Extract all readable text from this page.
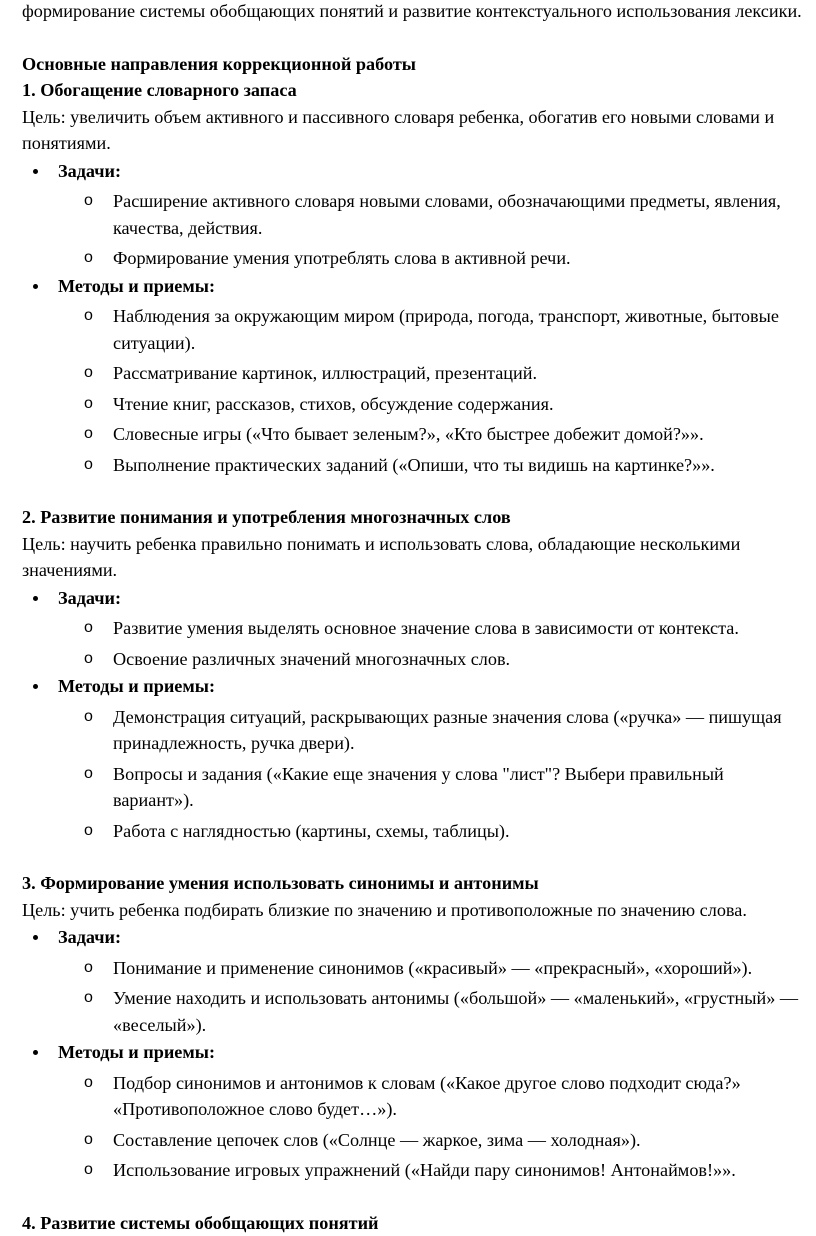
формирование системы обобщающих понятий и развитие контекстуального использования лексики.

Основные направления коррекционной работы

1. Обогащение словарного запаса

Цель: увеличить объем активного и пассивного словаря ребенка, обогатив его новыми словами и понятиями.

Задачи:

o Расширение активного словаря новыми словами, обозначающими предметы, явления, качества, действия.

o Формирование умения употреблять слова в активной речи.

Методы и приемы:

o Наблюдения за окружающим миром (природа, погода, транспорт, животные, бытовые ситуации).

o Рассматривание картинок, иллюстраций, презентаций.

o Чтение книг, рассказов, стихов, обсуждение содержания.

o Словесные игры («Что бывает зеленым?», «Кто быстрее добежит домой?»».

o Выполнение практических заданий («Опиши, что ты видишь на картинке?»».

2. Развитие понимания и употребления многозначных слов

Цель: научить ребенка правильно понимать и использовать слова, обладающие несколькими значениями.

Задачи:

o Развитие умения выделять основное значение слова в зависимости от контекста.

o Освоение различных значений многозначных слов.

Методы и приемы:

o Демонстрация ситуаций, раскрывающих разные значения слова («ручка» — пишущая принадлежность, ручка двери).

o Вопросы и задания («Какие еще значения у слова "лист"? Выбери правильный вариант»).

o Работа с наглядностью (картины, схемы, таблицы).

3. Формирование умения использовать синонимы и антонимы

Цель: учить ребенка подбирать близкие по значению и противоположные по значению слова.

Задачи:

o Понимание и применение синонимов («красивый» — «прекрасный», «хороший»).

o Умение находить и использовать антонимы («большой» — «маленький», «грустный» — «веселый»).

Методы и приемы:

o Подбор синонимов и антонимов к словам («Какое другое слово подходит сюда?» «Противоположное слово будет…»).

o Составление цепочек слов («Солнце — жаркое, зима — холодная»).

o Использование игровых упражнений («Найди пару синонимов! Антонаймов!»».

4. Развитие системы обобщающих понятий
